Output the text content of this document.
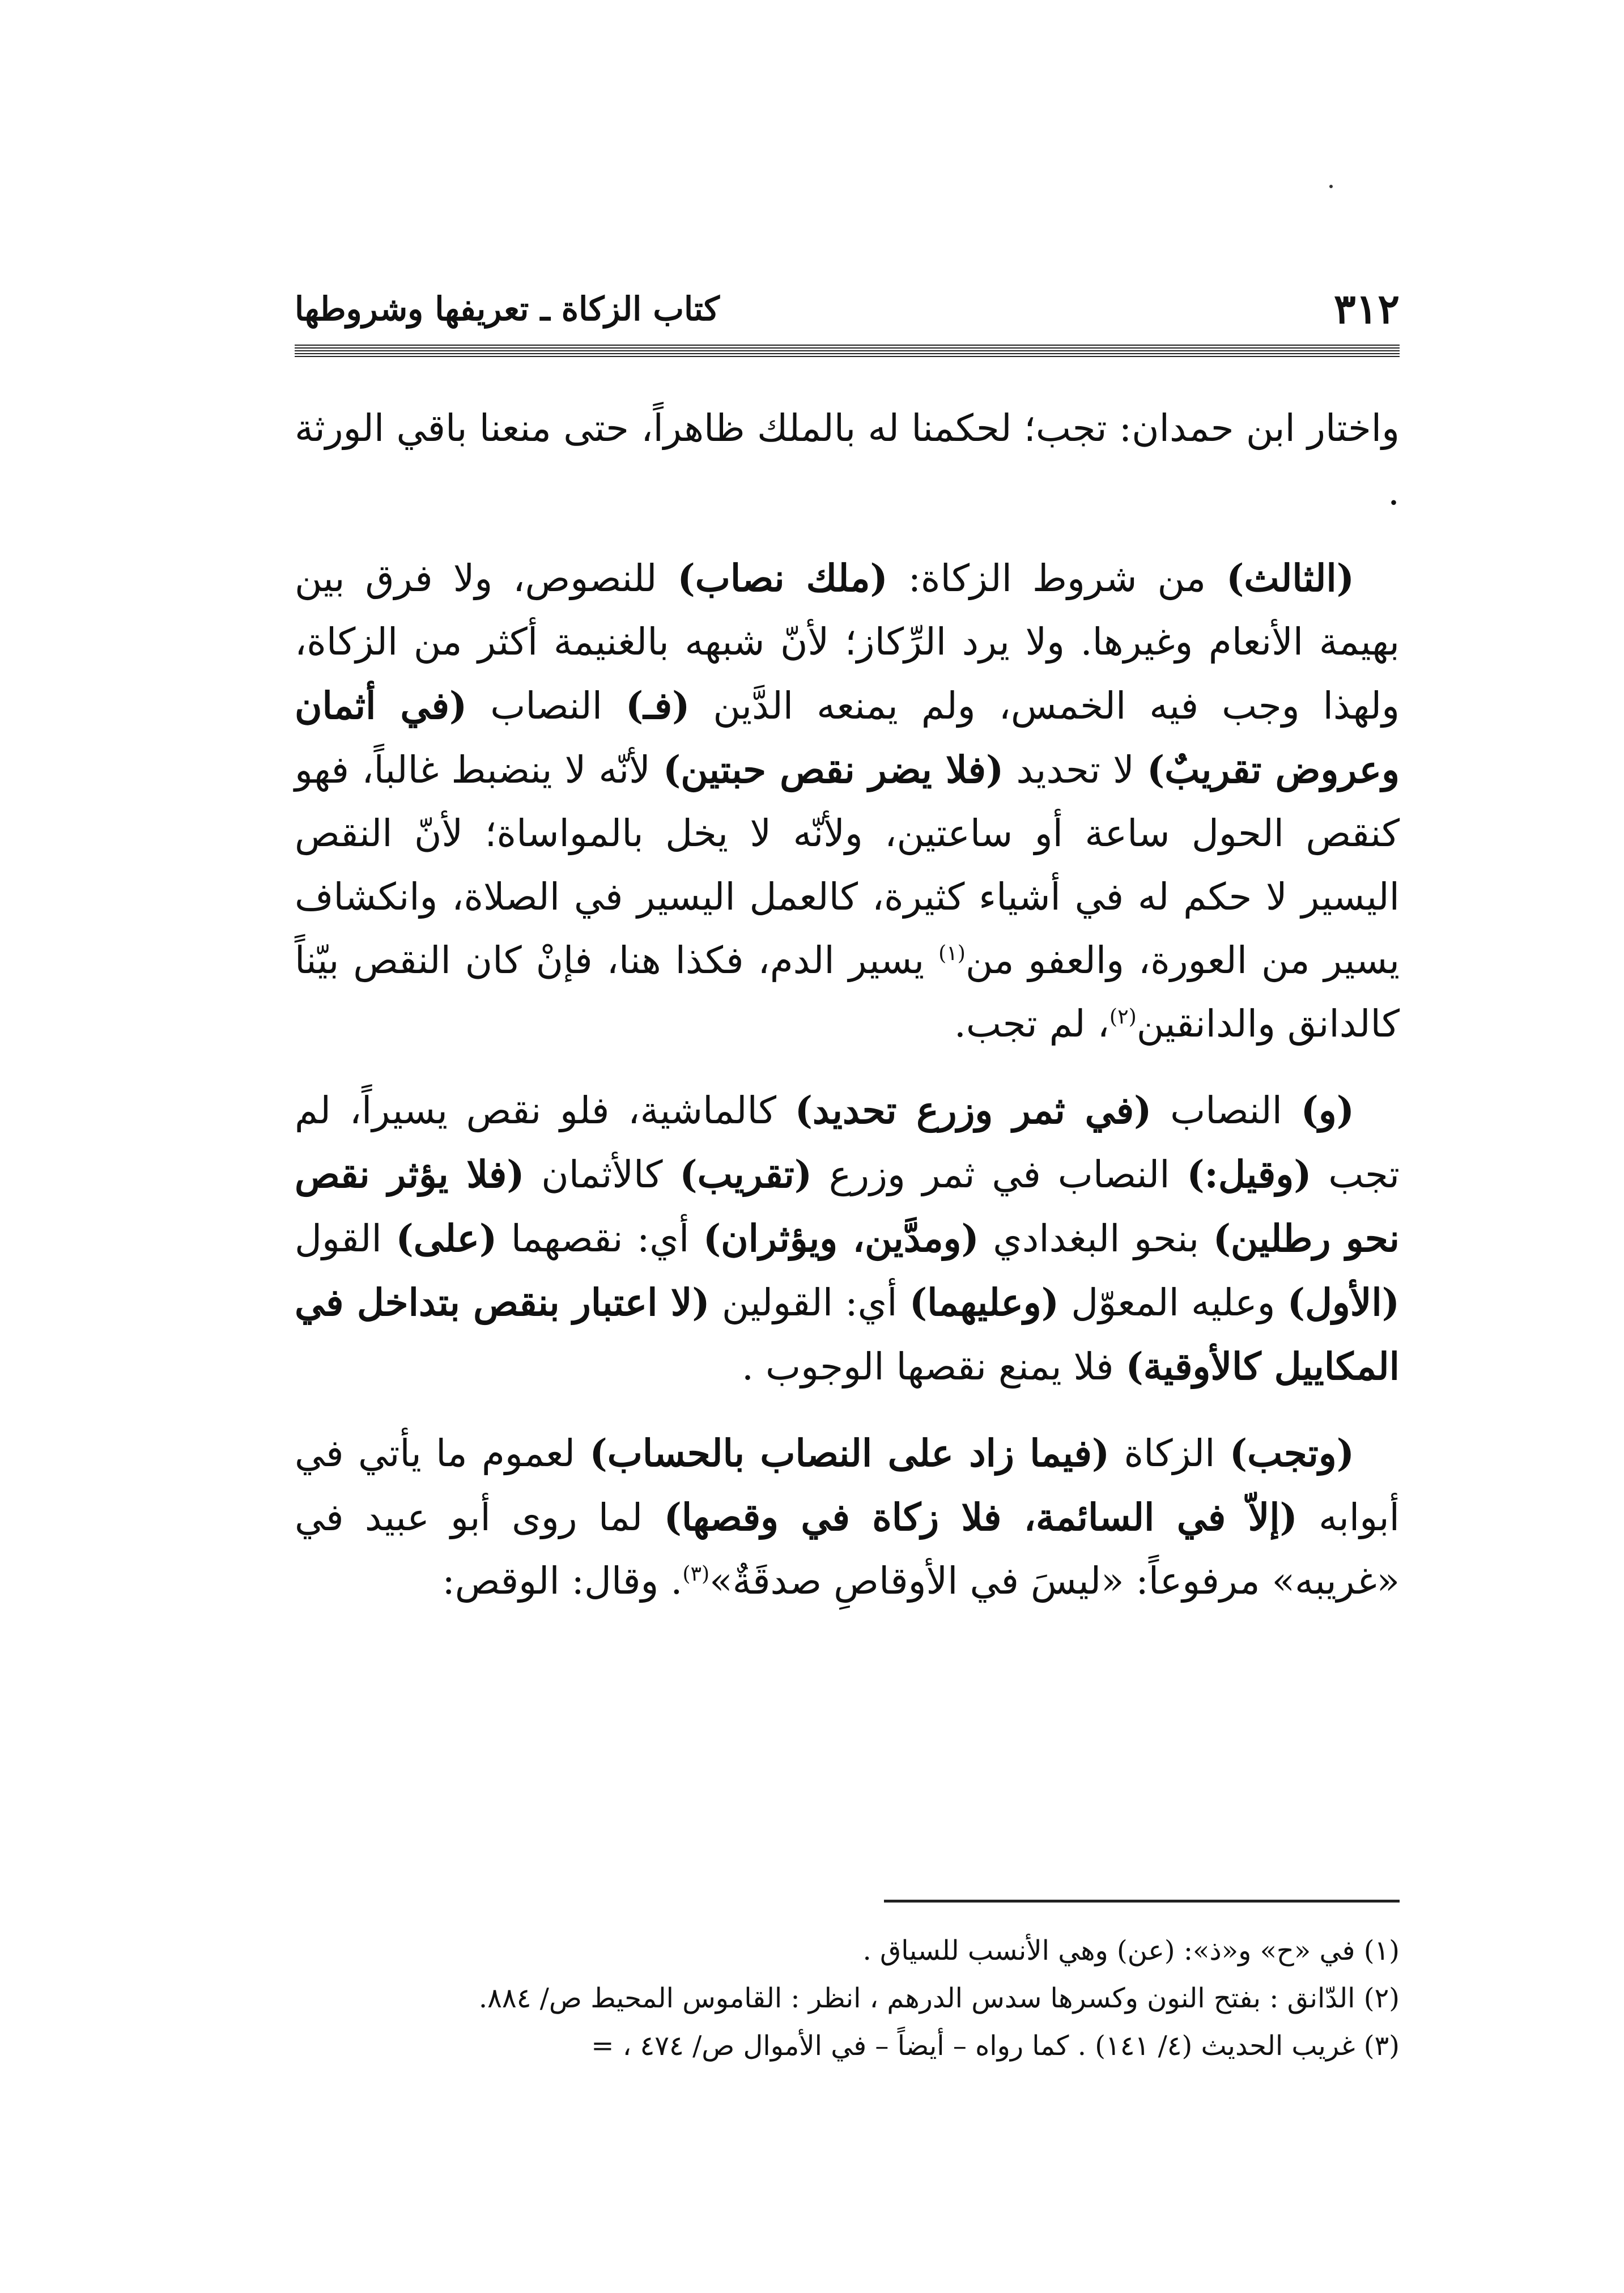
٣١٢
كتاب الزكاة ـ تعريفها وشروطها

واختار ابن حمدان: تجب؛ لحكمنا له بالملك ظاهراً، حتى منعنا باقي الورثة .

(الثالث) من شروط الزكاة: (ملك نصاب) للنصوص، ولا فرق بين بهيمة الأنعام وغيرها. ولا يرد الرِّكاز؛ لأنّ شبهه بالغنيمة أكثر من الزكاة، ولهذا وجب فيه الخمس، ولم يمنعه الدَّين (فـ) النصاب (في أثمان وعروض تقريبٌ) لا تحديد (فلا يضر نقص حبتين) لأنّه لا ينضبط غالباً، فهو كنقص الحول ساعة أو ساعتين، ولأنّه لا يخل بالمواساة؛ لأنّ النقص اليسير لا حكم له في أشياء كثيرة، كالعمل اليسير في الصلاة، وانكشاف يسير من العورة، والعفو من$^{(١)}$ يسير الدم، فكذا هنا، فإنْ كان النقص بيّناً كالدانق والدانقين$^{(٢)}$، لم تجب.

(و) النصاب (في ثمر وزرع تحديد) كالماشية، فلو نقص يسيراً، لم تجب (وقيل:) النصاب في ثمر وزرع (تقريب) كالأثمان (فلا يؤثر نقص نحو رطلين) بنحو البغدادي (ومدَّين، ويؤثران) أي: نقصهما (على) القول (الأول) وعليه المعوّل (وعليهما) أي: القولين (لا اعتبار بنقص بتداخل في المكاييل كالأوقية) فلا يمنع نقصها الوجوب .

(وتجب) الزكاة (فيما زاد على النصاب بالحساب) لعموم ما يأتي في أبوابه (إلاّ في السائمة، فلا زكاة في وقصها) لما روى أبو عبيد في «غريبه» مرفوعاً: «ليسَ في الأوقاصِ صدقَةٌ»$^{(٣)}$. وقال: الوقص:

(١) في «ح» و«ذ»: (عن) وهي الأنسب للسياق .
(٢) الدّانق : بفتح النون وكسرها سدس الدرهم ، انظر : القاموس المحيط ص/ ٨٨٤.
(٣) غريب الحديث (٤/ ١٤١) . كما رواه – أيضاً – في الأموال ص/ ٤٧٤ ، =
